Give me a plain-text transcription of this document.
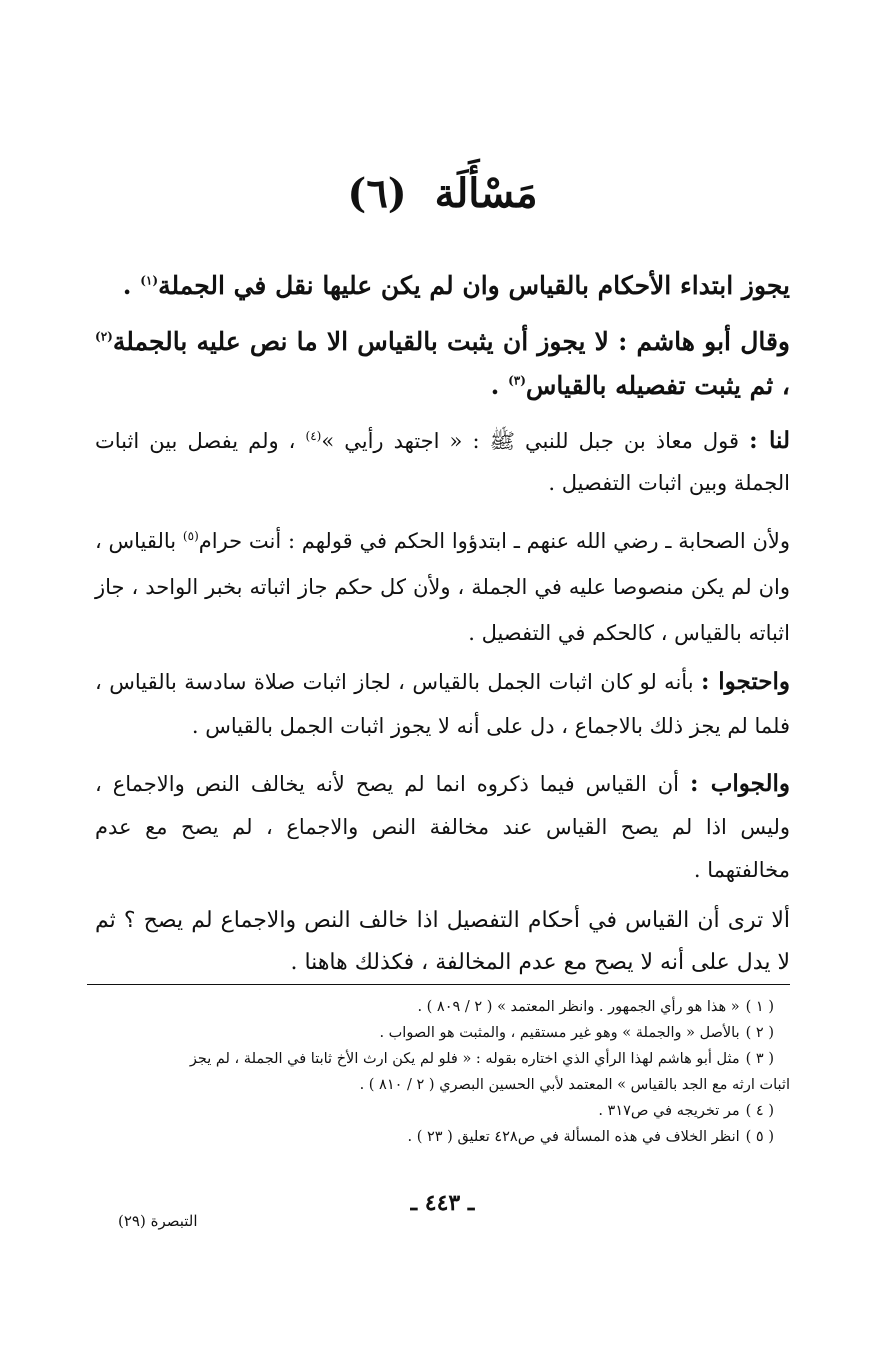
مَسْأَلَة (٦)
يجوز ابتداء الأحكام بالقياس وان لم يكن عليها نقل في الجملة$^{(١)}$ .
وقال أبو هاشم : لا يجوز أن يثبت بالقياس الا ما نص عليه بالجملة$^{(٢)}$ ، ثم يثبت تفصيله بالقياس$^{(٣)}$ .
لنا : قول معاذ بن جبل للنبي ﷺ : « اجتهد رأيي »$^{(٤)}$ ، ولم يفصل بين اثبات الجملة وبين اثبات التفصيل .
ولأن الصحابة ـ رضي الله عنهم ـ ابتدؤوا الحكم في قولهم : أنت حرام$^{(٥)}$ بالقياس ، وان لم يكن منصوصا عليه في الجملة ، ولأن كل حكم جاز اثباته بخبر الواحد ، جاز اثباته بالقياس ، كالحكم في التفصيل .
واحتجوا : بأنه لو كان اثبات الجمل بالقياس ، لجاز اثبات صلاة سادسة بالقياس ، فلما لم يجز ذلك بالاجماع ، دل على أنه لا يجوز اثبات الجمل بالقياس .
والجواب : أن القياس فيما ذكروه انما لم يصح لأنه يخالف النص والاجماع ، وليس اذا لم يصح القياس عند مخالفة النص والاجماع ، لم يصح مع عدم مخالفتهما .
ألا ترى أن القياس في أحكام التفصيل اذا خالف النص والاجماع لم يصح ؟ ثم لا يدل على أنه لا يصح مع عدم المخالفة ، فكذلك هاهنا .
( ١ )« هذا هو رأي الجمهور . وانظر المعتمد » ( ٢ / ٨٠٩ ) .
( ٢ )بالأصل « والجملة » وهو غير مستقيم ، والمثبت هو الصواب .
( ٣ )مثل أبو هاشم لهذا الرأي الذي اختاره بقوله : « فلو لم يكن ارث الأخ ثابتا في الجملة ، لم يجز
اثبات ارثه مع الجد بالقياس » المعتمد لأبي الحسين البصري ( ٢ / ٨١٠ ) .
( ٤ )مر تخريجه في ص٣١٧ .
( ٥ )انظر الخلاف في هذه المسألة في ص٤٢٨ تعليق ( ٢٣ ) .
ـ ٤٤٣ ـ
التبصرة (٢٩)
